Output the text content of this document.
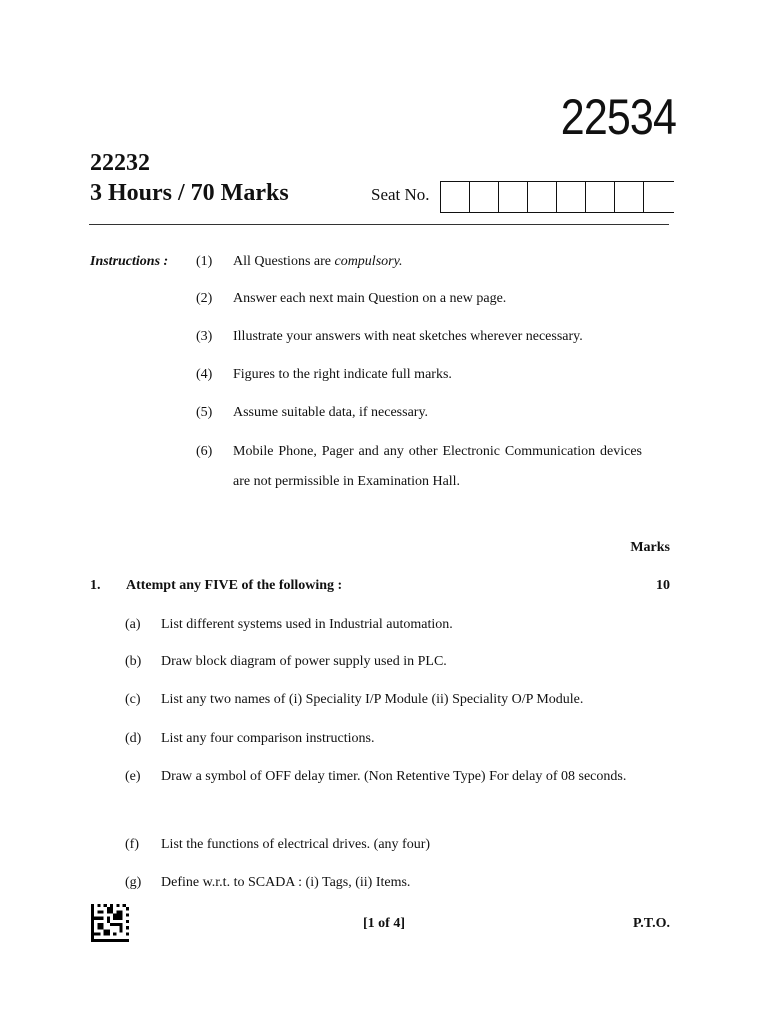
22534
22232
3 Hours / 70 Marks	Seat No.
Instructions : (1) All Questions are compulsory.
(2) Answer each next main Question on a new page.
(3) Illustrate your answers with neat sketches wherever necessary.
(4) Figures to the right indicate full marks.
(5) Assume suitable data, if necessary.
(6) Mobile Phone, Pager and any other Electronic Communication devices are not permissible in Examination Hall.
Marks
1. Attempt any FIVE of the following :	10
(a) List different systems used in Industrial automation.
(b) Draw block diagram of power supply used in PLC.
(c) List any two names of (i) Speciality I/P Module (ii) Speciality O/P Module.
(d) List any four comparison instructions.
(e) Draw a symbol of OFF delay timer. (Non Retentive Type) For delay of 08 seconds.
(f) List the functions of electrical drives. (any four)
(g) Define w.r.t. to SCADA : (i) Tags, (ii) Items.
[1 of 4]	P.T.O.
